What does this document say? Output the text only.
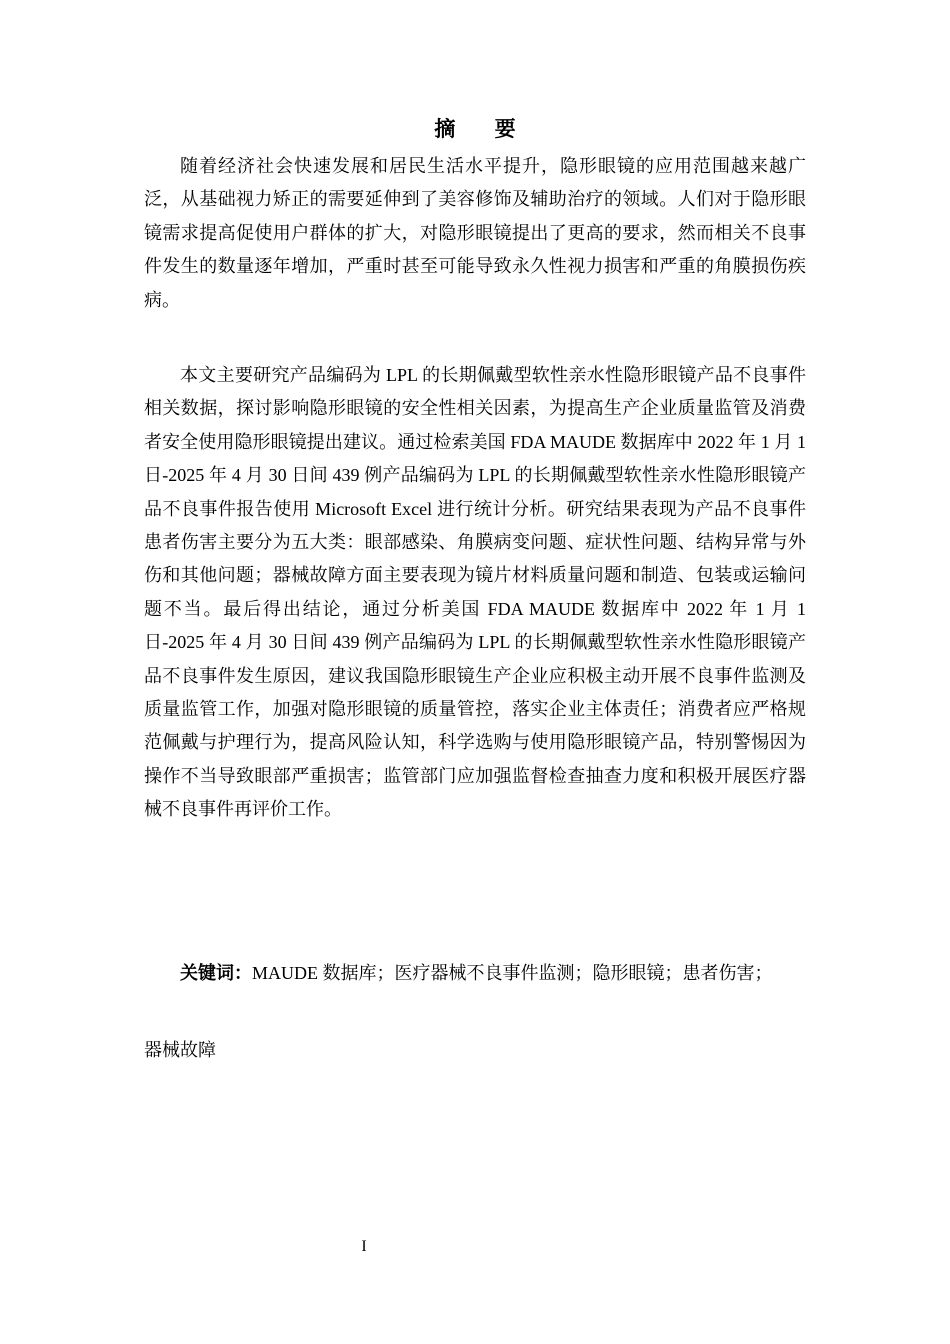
摘 要

随着经济社会快速发展和居民生活水平提升，隐形眼镜的应用范围越来越广泛，从基础视力矫正的需要延伸到了美容修饰及辅助治疗的领域。人们对于隐形眼镜需求提高促使用户群体的扩大，对隐形眼镜提出了更高的要求，然而相关不良事件发生的数量逐年增加，严重时甚至可能导致永久性视力损害和严重的角膜损伤疾病。

本文主要研究产品编码为 LPL 的长期佩戴型软性亲水性隐形眼镜产品不良事件相关数据，探讨影响隐形眼镜的安全性相关因素，为提高生产企业质量监管及消费者安全使用隐形眼镜提出建议。通过检索美国 FDA MAUDE 数据库中 2022 年 1 月 1 日-2025 年 4 月 30 日间 439 例产品编码为 LPL 的长期佩戴型软性亲水性隐形眼镜产品不良事件报告使用 Microsoft Excel 进行统计分析。研究结果表现为产品不良事件患者伤害主要分为五大类：眼部感染、角膜病变问题、症状性问题、结构异常与外伤和其他问题；器械故障方面主要表现为镜片材料质量问题和制造、包装或运输问题不当。最后得出结论，通过分析美国 FDA MAUDE 数据库中 2022 年 1 月 1 日-2025 年 4 月 30 日间 439 例产品编码为 LPL 的长期佩戴型软性亲水性隐形眼镜产品不良事件发生原因，建议我国隐形眼镜生产企业应积极主动开展不良事件监测及质量监管工作，加强对隐形眼镜的质量管控，落实企业主体责任；消费者应严格规范佩戴与护理行为，提高风险认知，科学选购与使用隐形眼镜产品，特别警惕因为操作不当导致眼部严重损害；监管部门应加强监督检查抽查力度和积极开展医疗器械不良事件再评价工作。

关键词：MAUDE 数据库；医疗器械不良事件监测；隐形眼镜；患者伤害；
器械故障
I
